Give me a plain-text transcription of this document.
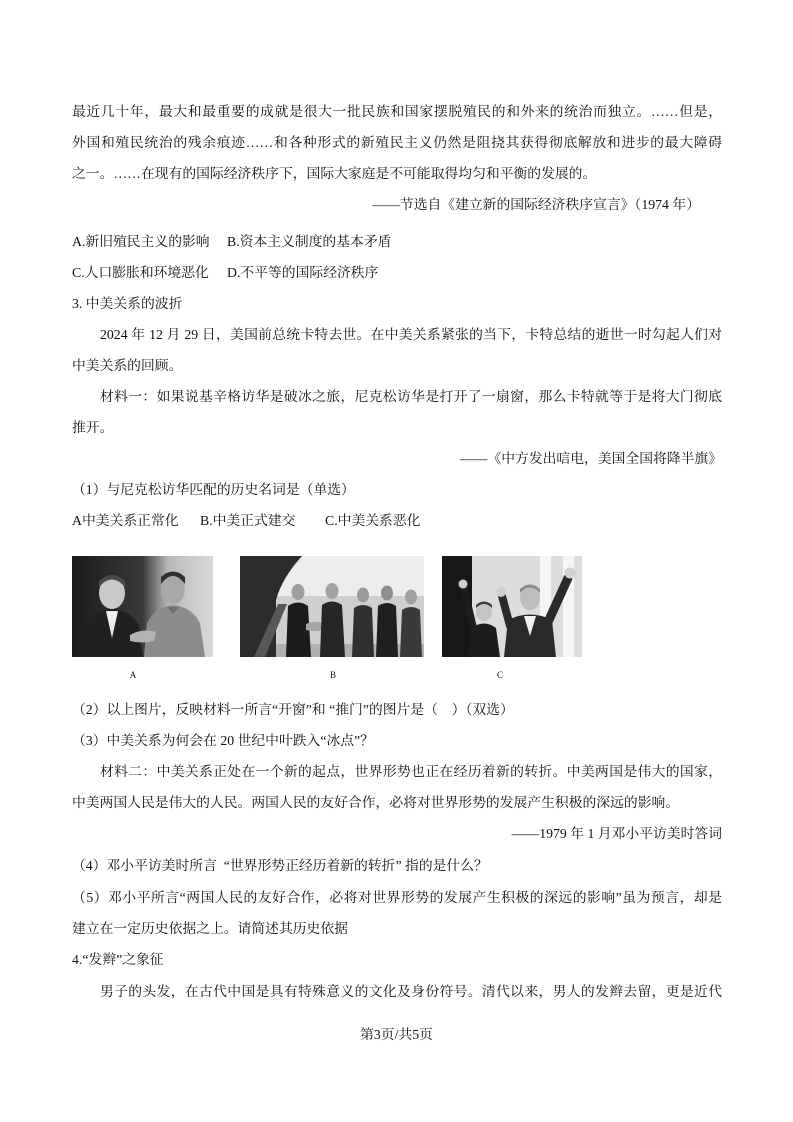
最近几十年，最大和最重要的成就是很大一批民族和国家摆脱殖民的和外来的统治而独立。……但是，
外国和殖民统治的残余痕迹……和各种形式的新殖民主义仍然是阻挠其获得彻底解放和进步的最大障碍
之一。……在现有的国际经济秩序下，国际大家庭是不可能取得均匀和平衡的发展的。
——节选自《建立新的国际经济秩序宣言》（1974 年）
A.新旧殖民主义的影响 B.资本主义制度的基本矛盾
C.人口膨胀和环境恶化 D.不平等的国际经济秩序
3. 中美关系的波折
2024 年 12 月 29 日，美国前总统卡特去世。在中美关系紧张的当下，卡特总结的逝世一时勾起人们对
中美关系的回顾。
材料一：如果说基辛格访华是破冰之旅，尼克松访华是打开了一扇窗，那么卡特就等于是将大门彻底
推开。
——《中方发出唁电，美国全国将降半旗》
（1）与尼克松访华匹配的历史名词是（单选）
A中美关系正常化 B.中美正式建交 C.中美关系恶化
A	B	C
（2）以上图片，反映材料一所言“开窗”和 “推门”的图片是（    ）（双选）
（3）中美关系为何会在 20 世纪中叶跌入“冰点”？
材料二：中美关系正处在一个新的起点，世界形势也正在经历着新的转折。中美两国是伟大的国家，
中美两国人民是伟大的人民。两国人民的友好合作，必将对世界形势的发展产生积极的深远的影响。
——1979 年 1 月邓小平访美时答词
（4）邓小平访美时所言  “世界形势正经历着新的转折” 指的是什么？
（5）邓小平所言“两国人民的友好合作，必将对世界形势的发展产生积极的深远的影响”虽为预言，却是
建立在一定历史依据之上。请简述其历史依据
4.“发辫”之象征
男子的头发，在古代中国是具有特殊意义的文化及身份符号。清代以来，男人的发辫去留，更是近代
第3页/共5页
